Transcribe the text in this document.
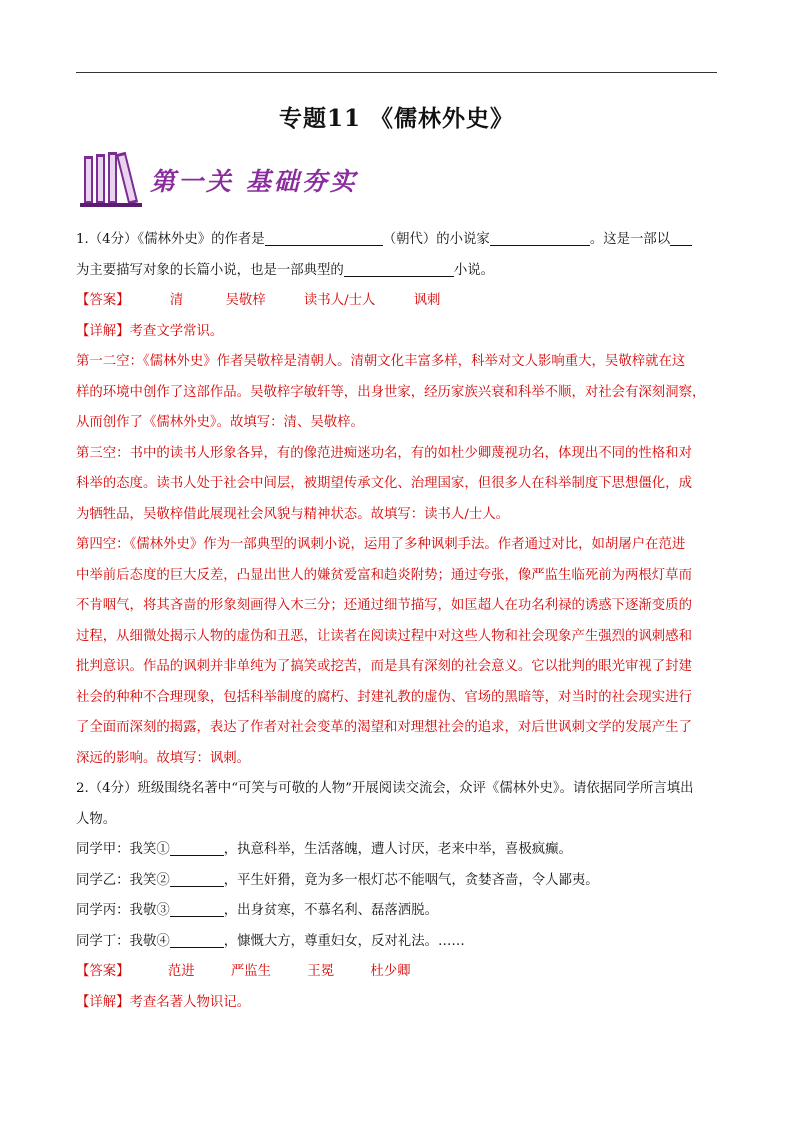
专题11 《儒林外史》
第一关 基础夯实
1.（4分）《儒林外史》的作者是	（朝代）的小说家	。这是一部以
为主要描写对象的长篇小说，也是一部典型的	小说。
【答案】	清	吴敬梓	读书人/士人	讽刺
【详解】考查文学常识。
第一二空：《儒林外史》作者吴敬梓是清朝人。清朝文化丰富多样，科举对文人影响重大，吴敬梓就在这
样的环境中创作了这部作品。吴敬梓字敏轩等，出身世家，经历家族兴衰和科举不顺，对社会有深刻洞察，
从而创作了《儒林外史》。故填写：清、吴敬梓。
第三空：书中的读书人形象各异，有的像范进痴迷功名，有的如杜少卿蔑视功名，体现出不同的性格和对
科举的态度。读书人处于社会中间层，被期望传承文化、治理国家，但很多人在科举制度下思想僵化，成
为牺牲品，吴敬梓借此展现社会风貌与精神状态。故填写：读书人/士人。
第四空：《儒林外史》作为一部典型的讽刺小说，运用了多种讽刺手法。作者通过对比，如胡屠户在范进
中举前后态度的巨大反差，凸显出世人的嫌贫爱富和趋炎附势；通过夸张，像严监生临死前为两根灯草而
不肯咽气，将其吝啬的形象刻画得入木三分；还通过细节描写，如匡超人在功名利禄的诱惑下逐渐变质的
过程，从细微处揭示人物的虚伪和丑恶，让读者在阅读过程中对这些人物和社会现象产生强烈的讽刺感和
批判意识。作品的讽刺并非单纯为了搞笑或挖苦，而是具有深刻的社会意义。它以批判的眼光审视了封建
社会的种种不合理现象，包括科举制度的腐朽、封建礼教的虚伪、官场的黑暗等，对当时的社会现实进行
了全面而深刻的揭露，表达了作者对社会变革的渴望和对理想社会的追求，对后世讽刺文学的发展产生了
深远的影响。故填写：讽刺。
2.（4分）班级围绕名著中“可笑与可敬的人物”开展阅读交流会，众评《儒林外史》。请依据同学所言填出
人物。
同学甲：我笑①	，执意科举，生活落魄，遭人讨厌，老来中举，喜极疯癫。
同学乙：我笑②	，平生奸猾，竟为多一根灯芯不能咽气，贪婪吝啬，令人鄙夷。
同学丙：我敬③	，出身贫寒，不慕名利、磊落洒脱。
同学丁：我敬④	，慷慨大方，尊重妇女，反对礼法。……
【答案】	范进	严监生	王冕	杜少卿
【详解】考查名著人物识记。
